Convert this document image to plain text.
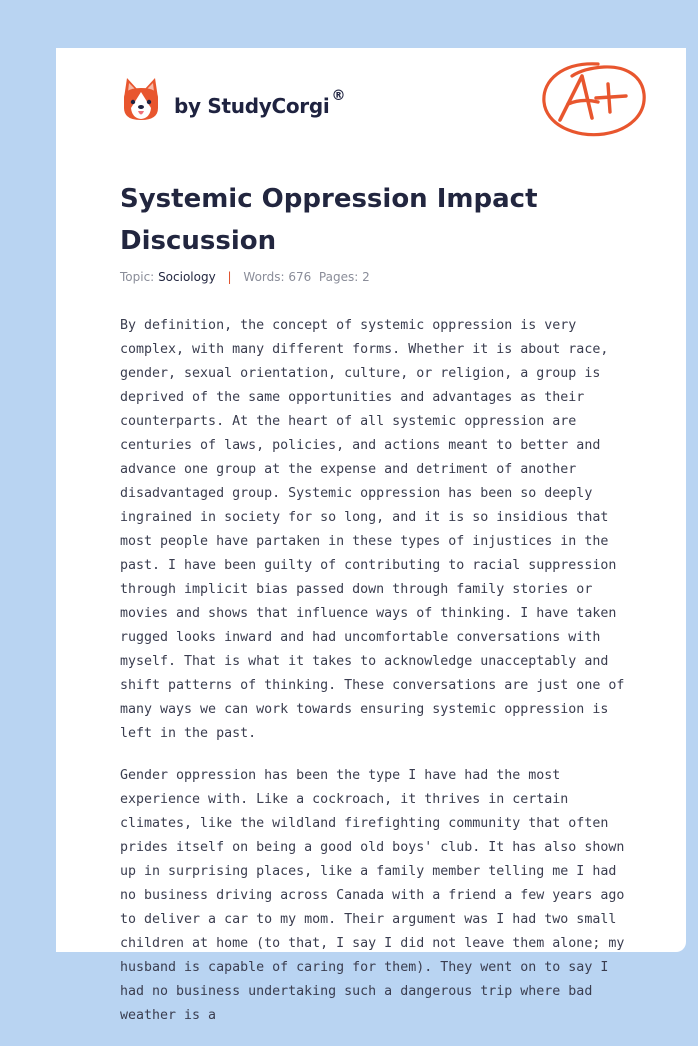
by StudyCorgi ®
Systemic Oppression Impact Discussion
Topic: Sociology | Words: 676 Pages: 2

By definition, the concept of systemic oppression is very complex, with many different forms. Whether it is about race, gender, sexual orientation, culture, or religion, a group is deprived of the same opportunities and advantages as their counterparts. At the heart of all systemic oppression are centuries of laws, policies, and actions meant to better and advance one group at the expense and detriment of another disadvantaged group. Systemic oppression has been so deeply ingrained in society for so long, and it is so insidious that most people have partaken in these types of injustices in the past. I have been guilty of contributing to racial suppression through implicit bias passed down through family stories or movies and shows that influence ways of thinking. I have taken rugged looks inward and had uncomfortable conversations with myself. That is what it takes to acknowledge unacceptably and shift patterns of thinking. These conversations are just one of many ways we can work towards ensuring systemic oppression is left in the past.

Gender oppression has been the type I have had the most experience with. Like a cockroach, it thrives in certain climates, like the wildland firefighting community that often prides itself on being a good old boys' club. It has also shown up in surprising places, like a family member telling me I had no business driving across Canada with a friend a few years ago to deliver a car to my mom. Their argument was I had two small children at home (to that, I say I did not leave them alone; my husband is capable of caring for them). They went on to say I had no business undertaking such a dangerous trip where bad weather is a
